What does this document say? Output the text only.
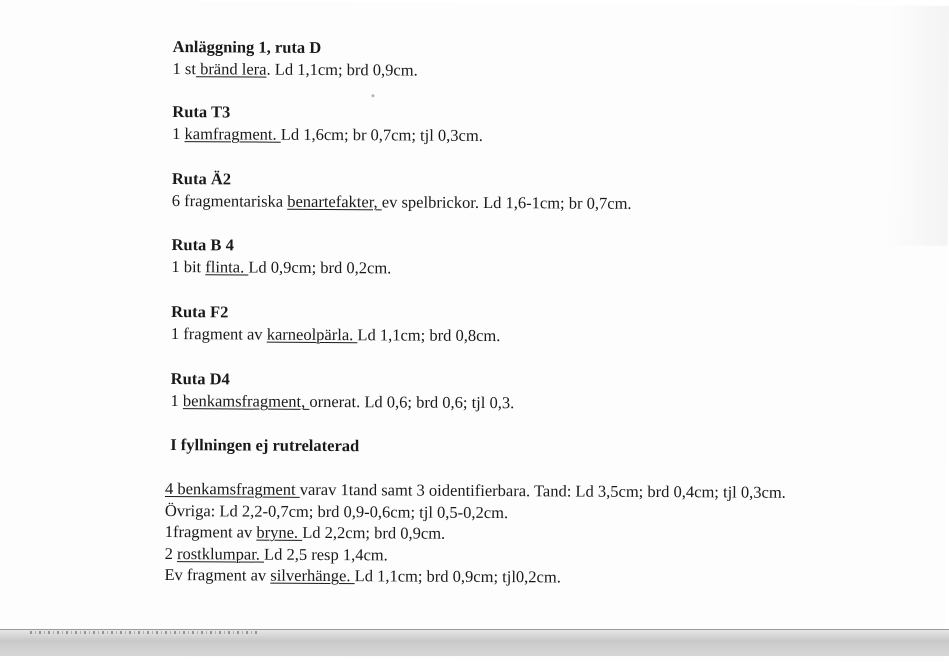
Anläggning 1, ruta D
1 st bränd lera. Ld 1,1cm; brd 0,9cm.
Ruta T3
1 kamfragment. Ld 1,6cm; br 0,7cm; tjl 0,3cm.
Ruta Ä2
6 fragmentariska benartefakter, ev spelbrickor. Ld 1,6-1cm; br 0,7cm.
Ruta B 4
1 bit flinta. Ld 0,9cm; brd 0,2cm.
Ruta F2
1 fragment av karneolpärla. Ld 1,1cm; brd 0,8cm.
Ruta D4
1 benkamsfragment, ornerat. Ld 0,6; brd 0,6; tjl 0,3.
I fyllningen ej rutrelaterad
4 benkamsfragment varav 1tand samt 3 oidentifierbara. Tand: Ld 3,5cm; brd 0,4cm; tjl 0,3cm.
Övriga: Ld 2,2-0,7cm; brd 0,9-0,6cm; tjl 0,5-0,2cm.
1fragment av bryne. Ld 2,2cm; brd 0,9cm.
2 rostklumpar. Ld 2,5 resp 1,4cm.
Ev fragment av silverhänge. Ld 1,1cm; brd 0,9cm; tjl0,2cm.
